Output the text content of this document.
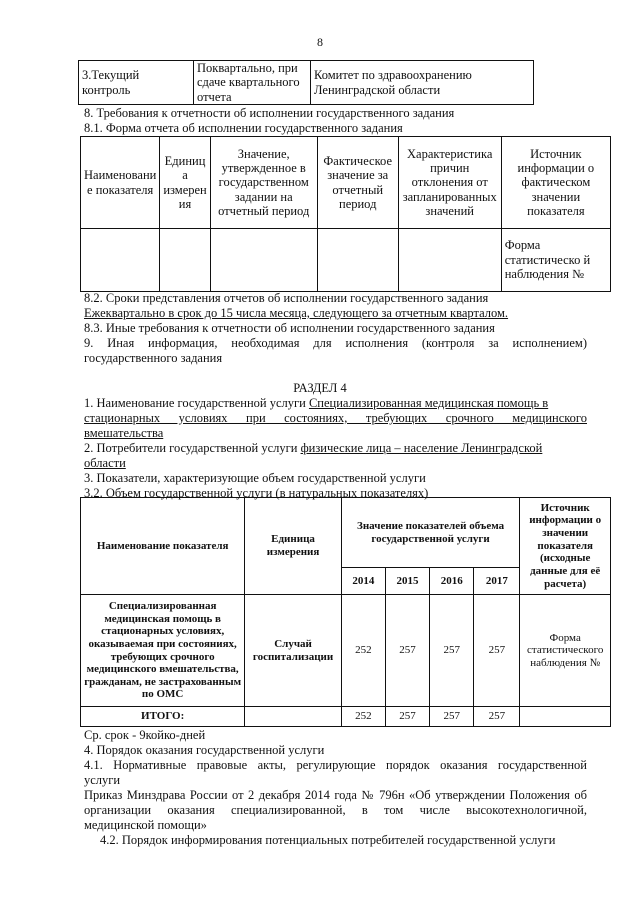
8
3.Текущий контроль	Поквартально, при сдаче квартального отчета	Комитет по здравоохранению Ленинградской области
8. Требования к отчетности об исполнении государственного задания
8.1. Форма отчета об исполнении государственного задания
Наименовани е показателя	Единиц а измерен ия	Значение, утвержденное в государственном задании на отчетный период	Фактическое значение за отчетный период	Характеристика причин отклонения от запланированных значений	Источник информации о фактическом значении показателя
					Форма статистическо й наблюдения №
8.2. Сроки представления отчетов об исполнении государственного задания
Ежеквартально в срок до 15 числа месяца, следующего за отчетным кварталом.
8.3. Иные требования к отчетности об исполнении государственного задания
9. Иная информация, необходимая для исполнения (контроля за исполнением)
государственного задания
РАЗДЕЛ 4
1. Наименование государственной услуги Специализированная медицинская помощь в
стационарных условиях при состояниях, требующих срочного медицинского
вмешательства
2. Потребители государственной услуги физические лица – население Ленинградской
области
3. Показатели, характеризующие объем государственной услуги
3.2. Объем государственной услуги (в натуральных показателях)
Наименование показателя	Единица измерения	Значение показателей объема государственной услуги				Источник информации о значении показателя (исходные данные для её расчета)
		2014	2015	2016	2017	
Специализированная медицинская помощь в стационарных условиях, оказываемая при состояниях, требующих срочного медицинского вмешательства, гражданам, не застрахованным по ОМС	Случай госпитализации	252	257	257	257	Форма статистического наблюдения №
ИТОГО:		252	257	257	257	
Ср. срок - 9койко-дней
4. Порядок оказания государственной услуги
4.1. Нормативные правовые акты, регулирующие порядок оказания государственной
услуги
Приказ Минздрава России от 2 декабря 2014 года № 796н «Об утверждении Положения об
организации оказания специализированной, в том числе высокотехнологичной,
медицинской помощи»
4.2. Порядок информирования потенциальных потребителей государственной услуги
